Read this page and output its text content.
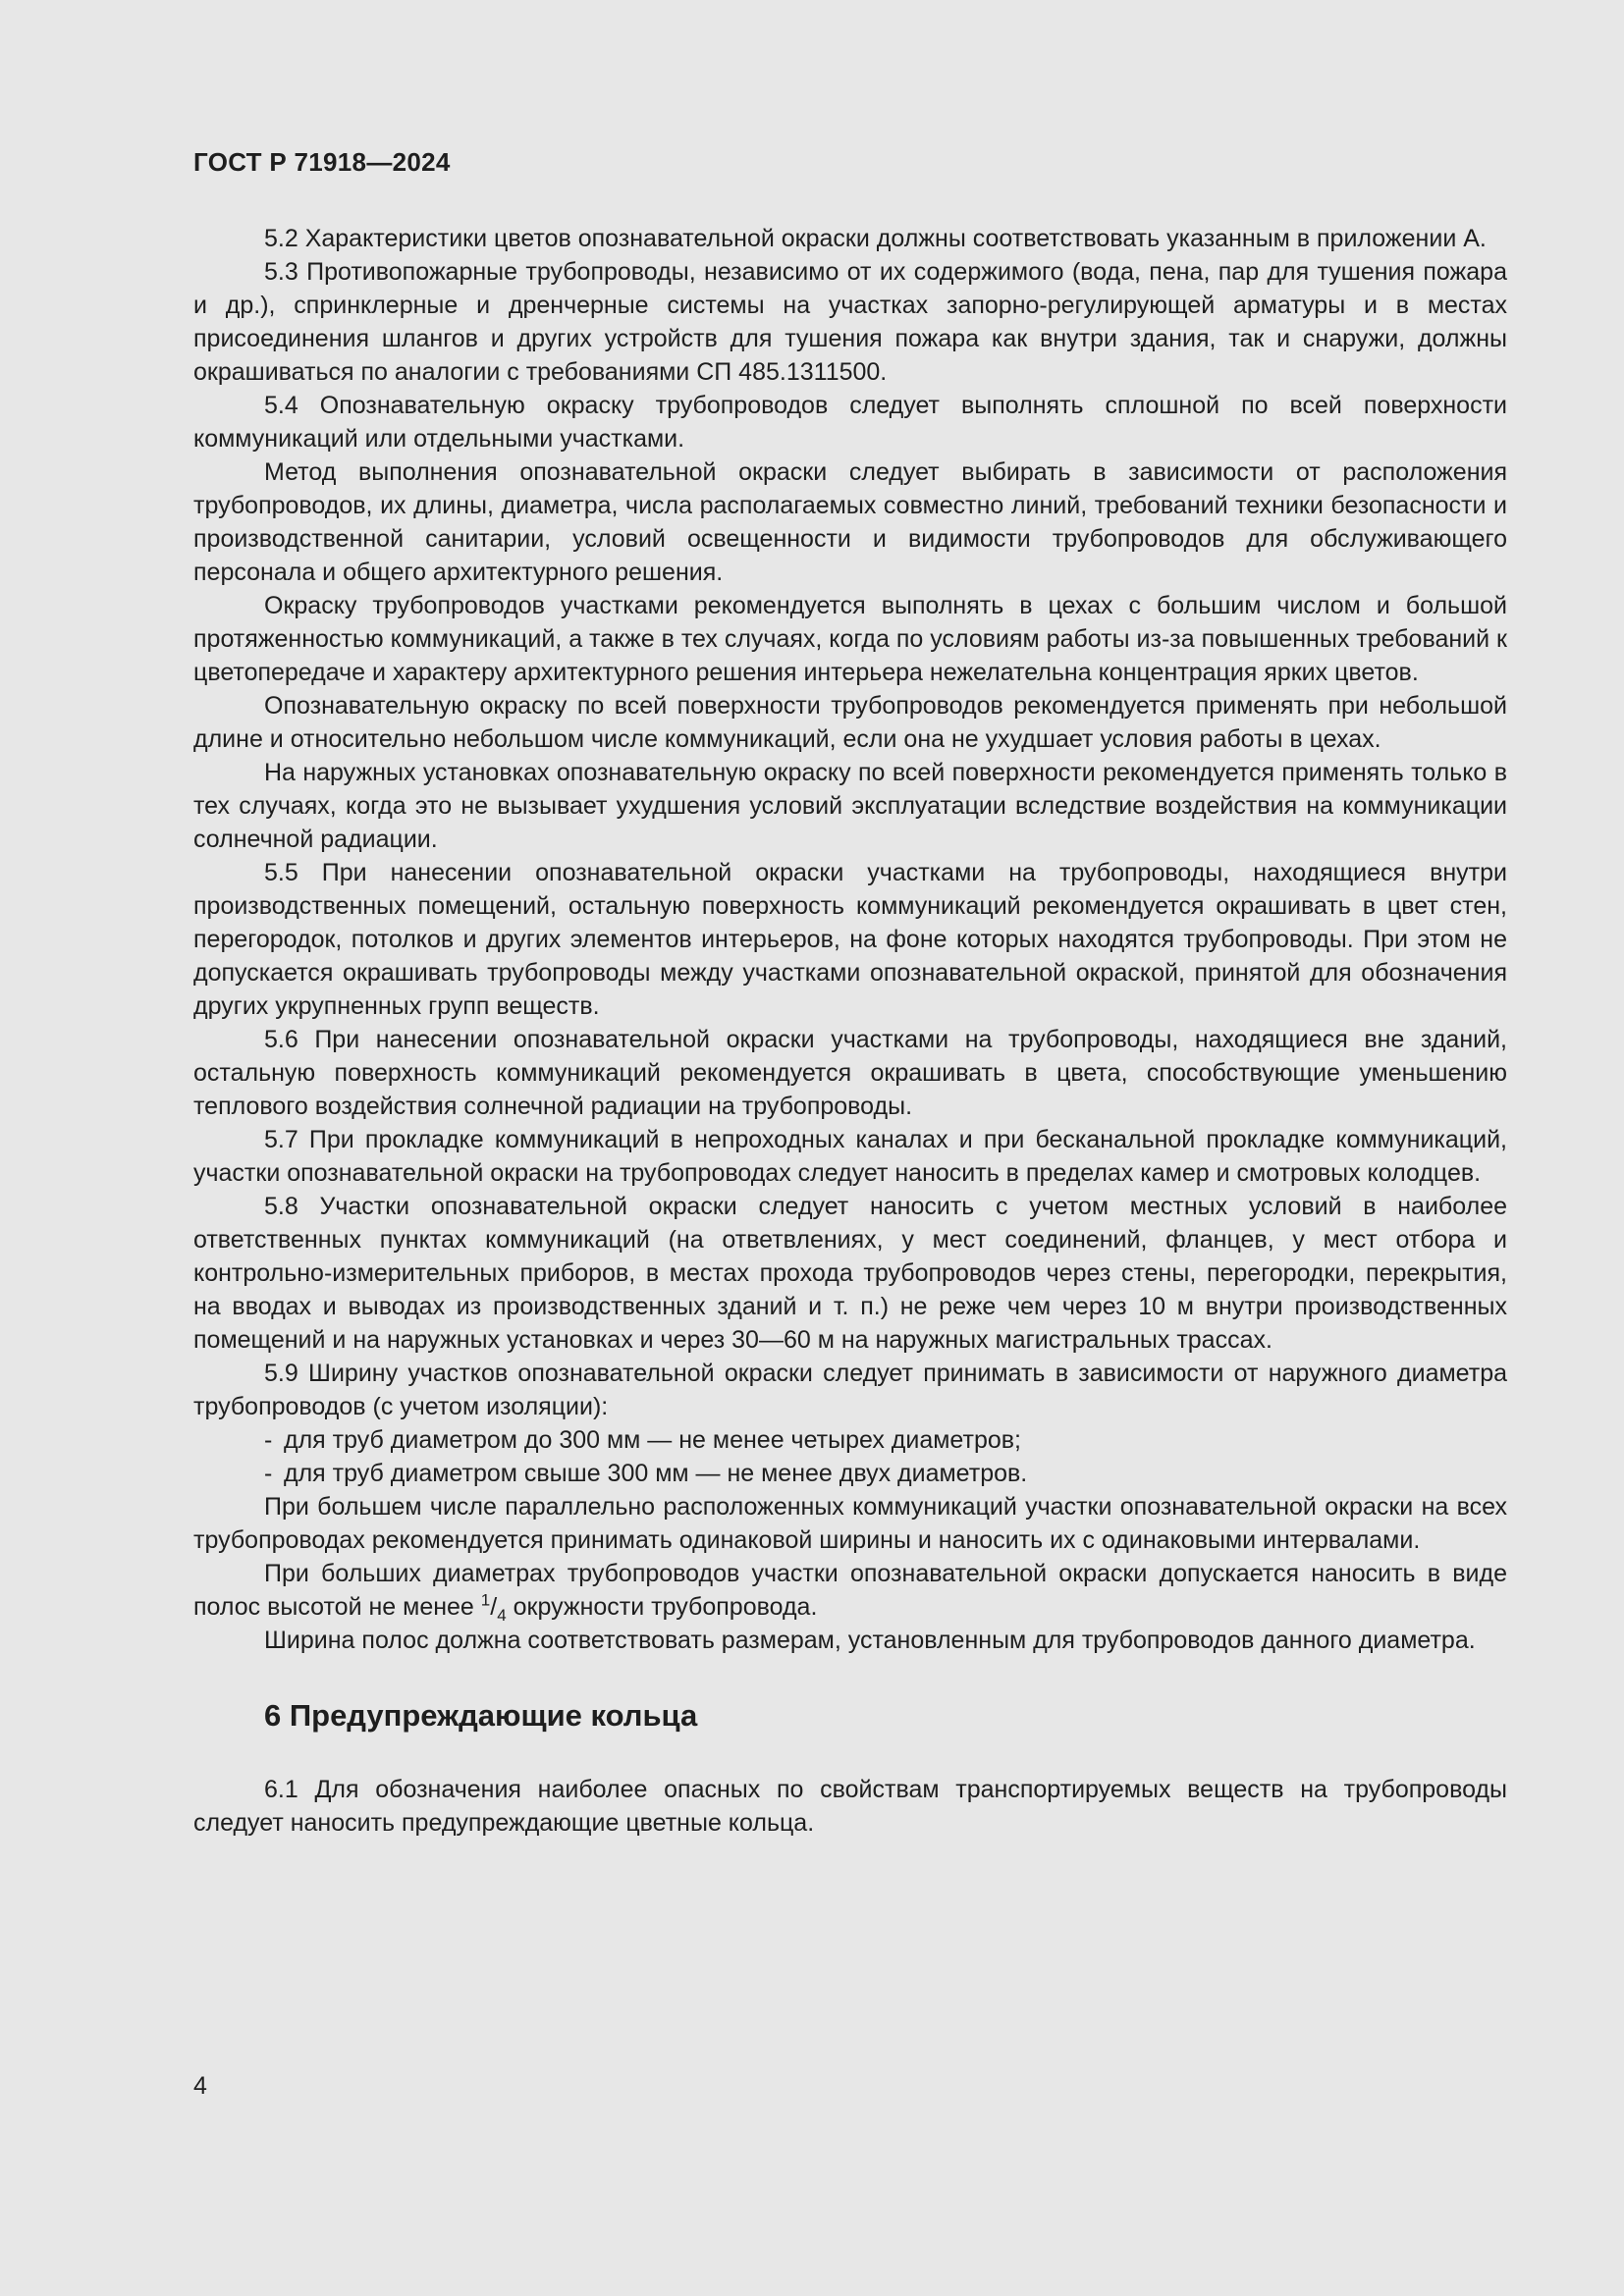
ГОСТ Р 71918—2024

5.2 Характеристики цветов опознавательной окраски должны соответствовать указанным в приложении А.

5.3 Противопожарные трубопроводы, независимо от их содержимого (вода, пена, пар для тушения пожара и др.), спринклерные и дренчерные системы на участках запорно-регулирующей арматуры и в местах присоединения шлангов и других устройств для тушения пожара как внутри здания, так и снаружи, должны окрашиваться по аналогии с требованиями СП 485.1311500.

5.4 Опознавательную окраску трубопроводов следует выполнять сплошной по всей поверхности коммуникаций или отдельными участками.

Метод выполнения опознавательной окраски следует выбирать в зависимости от расположения трубопроводов, их длины, диаметра, числа располагаемых совместно линий, требований техники безопасности и производственной санитарии, условий освещенности и видимости трубопроводов для обслуживающего персонала и общего архитектурного решения.

Окраску трубопроводов участками рекомендуется выполнять в цехах с большим числом и большой протяженностью коммуникаций, а также в тех случаях, когда по условиям работы из-за повышенных требований к цветопередаче и характеру архитектурного решения интерьера нежелательна концентрация ярких цветов.

Опознавательную окраску по всей поверхности трубопроводов рекомендуется применять при небольшой длине и относительно небольшом числе коммуникаций, если она не ухудшает условия работы в цехах.

На наружных установках опознавательную окраску по всей поверхности рекомендуется применять только в тех случаях, когда это не вызывает ухудшения условий эксплуатации вследствие воздействия на коммуникации солнечной радиации.

5.5 При нанесении опознавательной окраски участками на трубопроводы, находящиеся внутри производственных помещений, остальную поверхность коммуникаций рекомендуется окрашивать в цвет стен, перегородок, потолков и других элементов интерьеров, на фоне которых находятся трубопроводы. При этом не допускается окрашивать трубопроводы между участками опознавательной окраской, принятой для обозначения других укрупненных групп веществ.

5.6 При нанесении опознавательной окраски участками на трубопроводы, находящиеся вне зданий, остальную поверхность коммуникаций рекомендуется окрашивать в цвета, способствующие уменьшению теплового воздействия солнечной радиации на трубопроводы.

5.7 При прокладке коммуникаций в непроходных каналах и при бесканальной прокладке коммуникаций, участки опознавательной окраски на трубопроводах следует наносить в пределах камер и смотровых колодцев.

5.8 Участки опознавательной окраски следует наносить с учетом местных условий в наиболее ответственных пунктах коммуникаций (на ответвлениях, у мест соединений, фланцев, у мест отбора и контрольно-измерительных приборов, в местах прохода трубопроводов через стены, перегородки, перекрытия, на вводах и выводах из производственных зданий и т. п.) не реже чем через 10 м внутри производственных помещений и на наружных установках и через 30—60 м на наружных магистральных трассах.

5.9 Ширину участков опознавательной окраски следует принимать в зависимости от наружного диаметра трубопроводов (с учетом изоляции):

- для труб диаметром до 300 мм — не менее четырех диаметров;

- для труб диаметром свыше 300 мм — не менее двух диаметров.

При большем числе параллельно расположенных коммуникаций участки опознавательной окраски на всех трубопроводах рекомендуется принимать одинаковой ширины и наносить их с одинаковыми интервалами.

При больших диаметрах трубопроводов участки опознавательной окраски допускается наносить в виде полос высотой не менее $^1/_4$ окружности трубопровода.

Ширина полос должна соответствовать размерам, установленным для трубопроводов данного диаметра.

6 Предупреждающие кольца

6.1 Для обозначения наиболее опасных по свойствам транспортируемых веществ на трубопроводы следует наносить предупреждающие цветные кольца.

4
